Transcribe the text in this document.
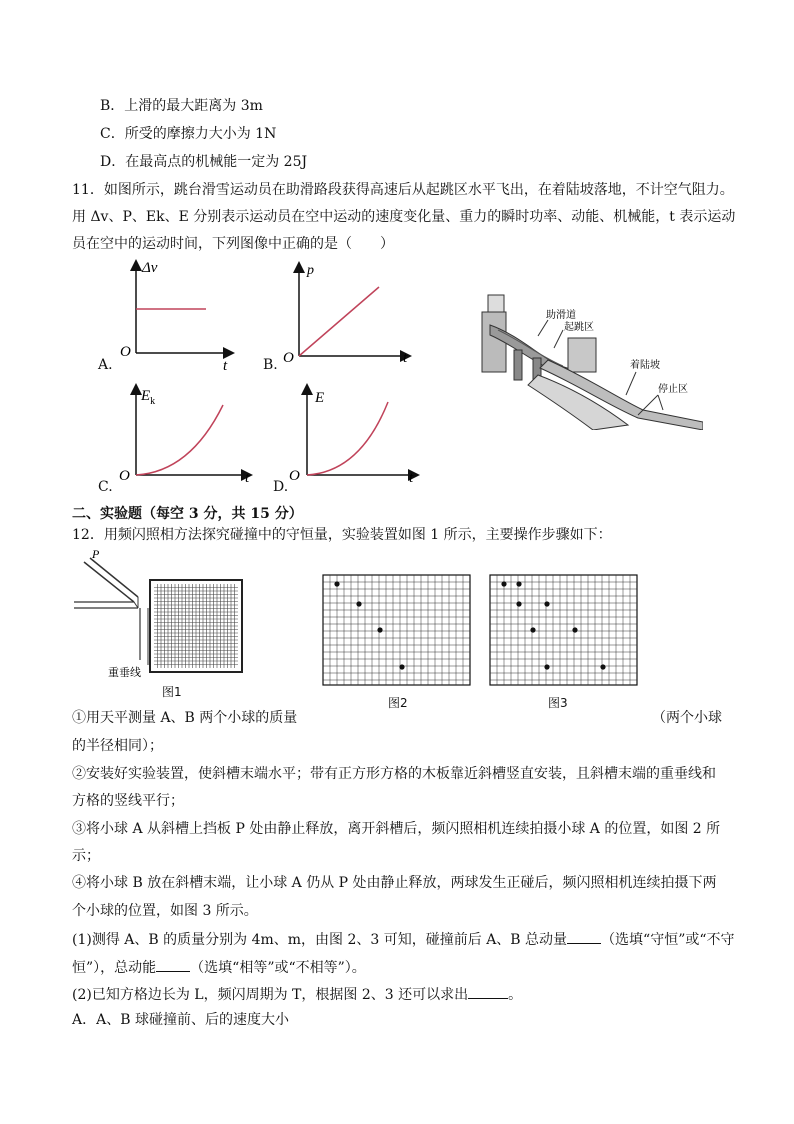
B．上滑的最大距离为 3m
C．所受的摩擦力大小为 1N
D．在最高点的机械能一定为 25J
11．如图所示，跳台滑雪运动员在助滑路段获得高速后从起跳区水平飞出，在着陆坡落地，不计空气阻力。
用 Δv、P、Ek、E 分别表示运动员在空中运动的速度变化量、重力的瞬时功率、动能、机械能，t 表示运动
员在空中的运动时间，下列图像中正确的是（　　）
Δv
O
t
A.
p
O	t
B.
$E_k$
O	t
C.
E
O	t
D.
助滑道
起跳区
着陆坡
停止区
二、实验题（每空 3 分，共 15 分）
12．用频闪照相方法探究碰撞中的守恒量，实验装置如图 1 所示，主要操作步骤如下：
P
重垂线
图1
图2	图3
①用天平测量 A、B 两个小球的质量	（两个小球
的半径相同）；
②安装好实验装置，使斜槽末端水平；带有正方形方格的木板靠近斜槽竖直安装，且斜槽末端的重垂线和
方格的竖线平行；
③将小球 A 从斜槽上挡板 P 处由静止释放，离开斜槽后，频闪照相机连续拍摄小球 A 的位置，如图 2 所
示；
④将小球 B 放在斜槽末端，让小球 A 仍从 P 处由静止释放，两球发生正碰后，频闪照相机连续拍摄下两
个小球的位置，如图 3 所示。
(1)测得 A、B 的质量分别为 4m、m，由图 2、3 可知，碰撞前后 A、B 总动量 （选填“守恒”或“不守
恒”），总动能 （选填“相等”或“不相等”）。
(2)已知方格边长为 L，频闪周期为 T，根据图 2、3 还可以求出	。
A．A、B 球碰撞前、后的速度大小
